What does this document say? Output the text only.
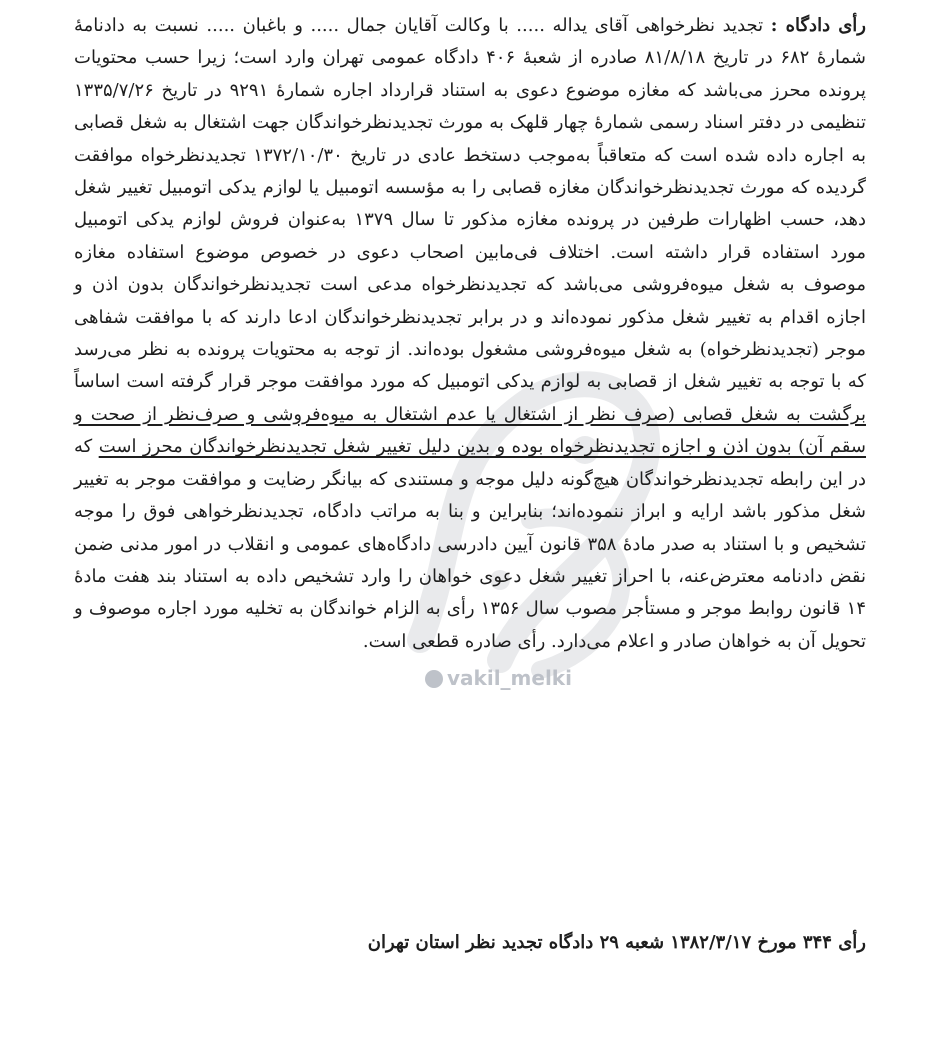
vakil_melki
رأی دادگاه : تجدید نظرخواهی آقای یداله ..... با وکالت آقایان جمال ..... و باغبان ..... نسبت به دادنامهٔ شمارهٔ ۶۸۲ در تاریخ ۸۱/۸/۱۸ صادره از شعبهٔ ۴۰۶ دادگاه عمومی تهران وارد است؛ زیرا حسب محتویات پرونده محرز می‌باشد که مغازه موضوع دعوی به استناد قرارداد اجاره شمارهٔ ۹۲۹۱ در تاریخ ۱۳۳۵/۷/۲۶ تنظیمی در دفتر اسناد رسمی شمارهٔ چهار قلهک به مورث تجدیدنظرخواندگان جهت اشتغال به شغل قصابی به اجاره داده شده است که متعاقباً به‌موجب دستخط عادی در تاریخ ۱۳۷۲/۱۰/۳۰ تجدیدنظرخواه موافقت گردیده که مورث تجدیدنظرخواندگان مغازه قصابی را به مؤسسه اتومبیل یا لوازم یدکی اتومبیل تغییر شغل دهد، حسب اظهارات طرفین در پرونده مغازه مذکور تا سال ۱۳۷۹ به‌عنوان فروش لوازم یدکی اتومبیل مورد استفاده قرار داشته است. اختلاف فی‌مابین اصحاب دعوی در خصوص موضوع استفاده مغازه موصوف به شغل میوه‌فروشی می‌باشد که تجدیدنظرخواه مدعی است تجدیدنظرخواندگان بدون اذن و اجازه اقدام به تغییر شغل مذکور نموده‌اند و در برابر تجدیدنظرخواندگان ادعا دارند که با موافقت شفاهی موجر (تجدیدنظرخواه) به شغل میوه‌فروشی مشغول بوده‌اند. از توجه به محتویات پرونده به نظر می‌رسد که با توجه به تغییر شغل از قصابی به لوازم یدکی اتومبیل که مورد موافقت موجر قرار گرفته است اساساً برگشت به شغل قصابی (صرف نظر از اشتغال یا عدم اشتغال به میوه‌فروشی و صرف‌نظر از صحت و سقم آن) بدون اذن و اجازه تجدیدنظرخواه بوده و بدین دلیل تغییر شغل تجدیدنظرخواندگان محرز است که در این رابطه تجدیدنظرخواندگان هیچ‌گونه دلیل موجه و مستندی که بیانگر رضایت و موافقت موجر به تغییر شغل مذکور باشد ارایه و ابراز ننموده‌اند؛ بنابراین و بنا به مراتب دادگاه، تجدیدنظرخواهی فوق را موجه تشخیص و با استناد به صدر مادهٔ ۳۵۸ قانون آیین دادرسی دادگاه‌های عمومی و انقلاب در امور مدنی ضمن نقض دادنامه معترض‌عنه، با احراز تغییر شغل دعوی خواهان را وارد تشخیص داده به استناد بند هفت مادهٔ ۱۴ قانون روابط موجر و مستأجر مصوب سال ۱۳۵۶ رأی به الزام خواندگان به تخلیه مورد اجاره موصوف و تحویل آن به خواهان صادر و اعلام می‌دارد. رأی صادره قطعی است.
رأی ۳۴۴ مورخ ۱۳۸۲/۳/۱۷ شعبه ۲۹ دادگاه تجدید نظر استان تهران
